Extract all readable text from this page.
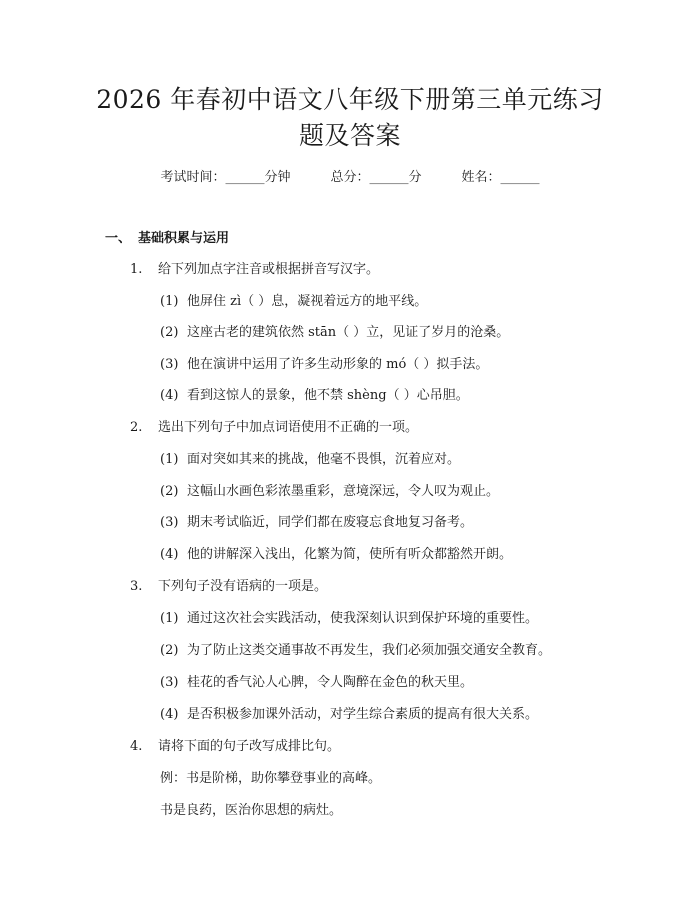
2026 年春初中语文八年级下册第三单元练习
题及答案
考试时间：______分钟	总分：______分	姓名：______
一、 基础积累与运用
1. 给下列加点字注音或根据拼音写汉字。
(1) 他屏住 zì（ ）息，凝视着远方的地平线。
(2) 这座古老的建筑依然 stān（ ）立，见证了岁月的沧桑。
(3) 他在演讲中运用了许多生动形象的 mó（ ）拟手法。
(4) 看到这惊人的景象，他不禁 shèng（ ）心吊胆。
2. 选出下列句子中加点词语使用不正确的一项。
(1) 面对突如其来的挑战，他毫不畏惧，沉着应对。
(2) 这幅山水画色彩浓墨重彩，意境深远，令人叹为观止。
(3) 期末考试临近，同学们都在废寝忘食地复习备考。
(4) 他的讲解深入浅出，化繁为简，使所有听众都豁然开朗。
3. 下列句子没有语病的一项是。
(1) 通过这次社会实践活动，使我深刻认识到保护环境的重要性。
(2) 为了防止这类交通事故不再发生，我们必须加强交通安全教育。
(3) 桂花的香气沁人心脾，令人陶醉在金色的秋天里。
(4) 是否积极参加课外活动，对学生综合素质的提高有很大关系。
4. 请将下面的句子改写成排比句。
例：书是阶梯，助你攀登事业的高峰。
书是良药，医治你思想的病灶。
